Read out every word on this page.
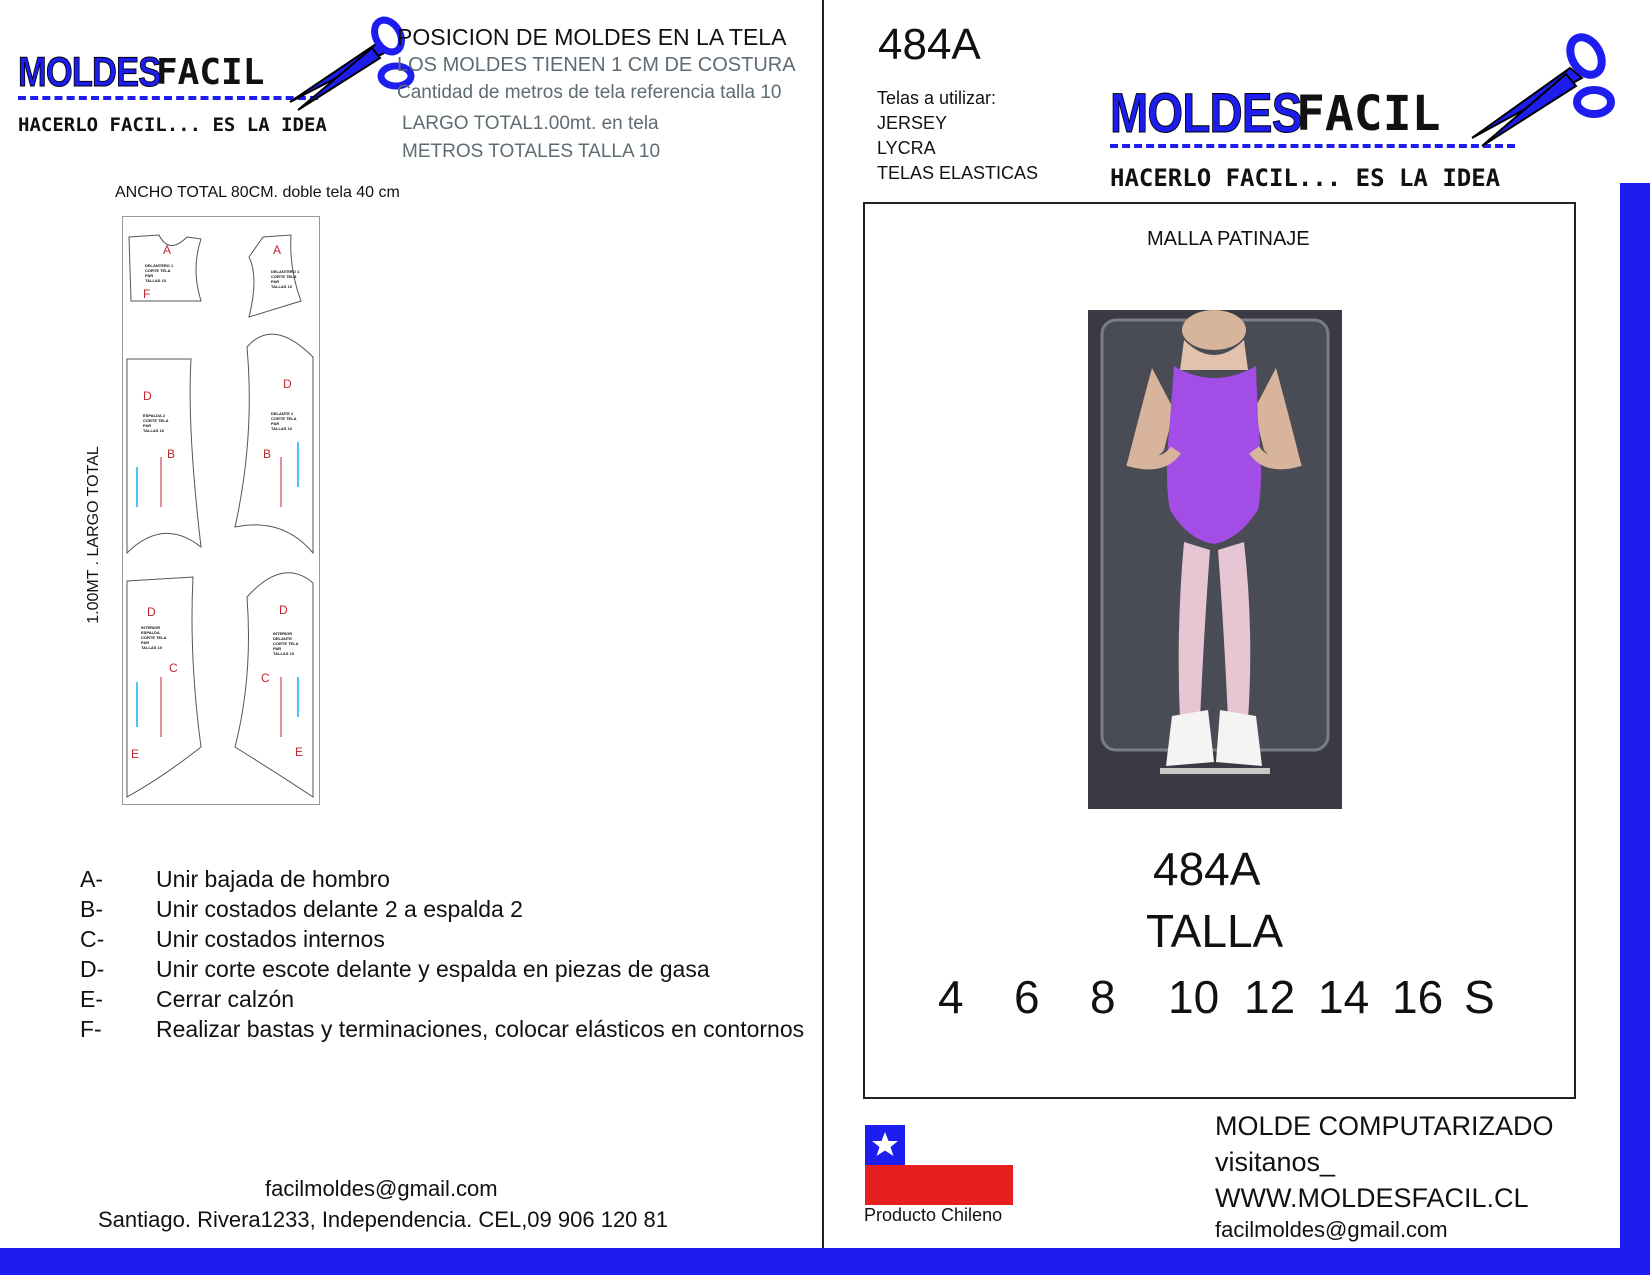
MOLDES
FACIL
HACERLO FACIL... ES LA IDEA
POSICION DE MOLDES EN LA TELA
LOS MOLDES TIENEN 1 CM DE COSTURA
Cantidad de metros de tela referencia talla 10
LARGO TOTAL1.00mt. en tela
METROS TOTALES TALLA 10
ANCHO TOTAL 80CM. doble tela 40 cm
1.00MT . LARGO TOTAL
A
F
DELANTERO 1
CORTE TELA
PAR
TALLAS 10
A
DELANTERO 1
CORTE TELA
PAR
TALLAS 10
D
B
ESPALDA 2
CORTE TELA
PAR
TALLAS 10
D
B
DELANTE 2
CORTE TELA
PAR
TALLAS 10
D
C
E
INTERIOR
ESPALDA
CORTE TELA
PAR
TALLAS 10
D
C
E
INTERIOR
DELANTE
CORTE TELA
PAR
TALLAS 10
A- Unir bajada de hombro
B- Unir costados delante 2 a espalda 2
C- Unir costados internos
D- Unir corte escote delante y espalda en piezas de gasa
E- Cerrar calzón
F- Realizar bastas y terminaciones, colocar elásticos en contornos
facilmoldes@gmail.com
Santiago. Rivera1233, Independencia. CEL,09 906 120 81
484A
Telas a utilizar:
JERSEY
LYCRA
TELAS ELASTICAS
MOLDES
FACIL
HACERLO FACIL... ES LA IDEA
MALLA PATINAJE
484A
TALLA
4 6 8 10 12 14 16 S
Producto Chileno
MOLDE COMPUTARIZADO
visitanos_
WWW.MOLDESFACIL.CL
facilmoldes@gmail.com
